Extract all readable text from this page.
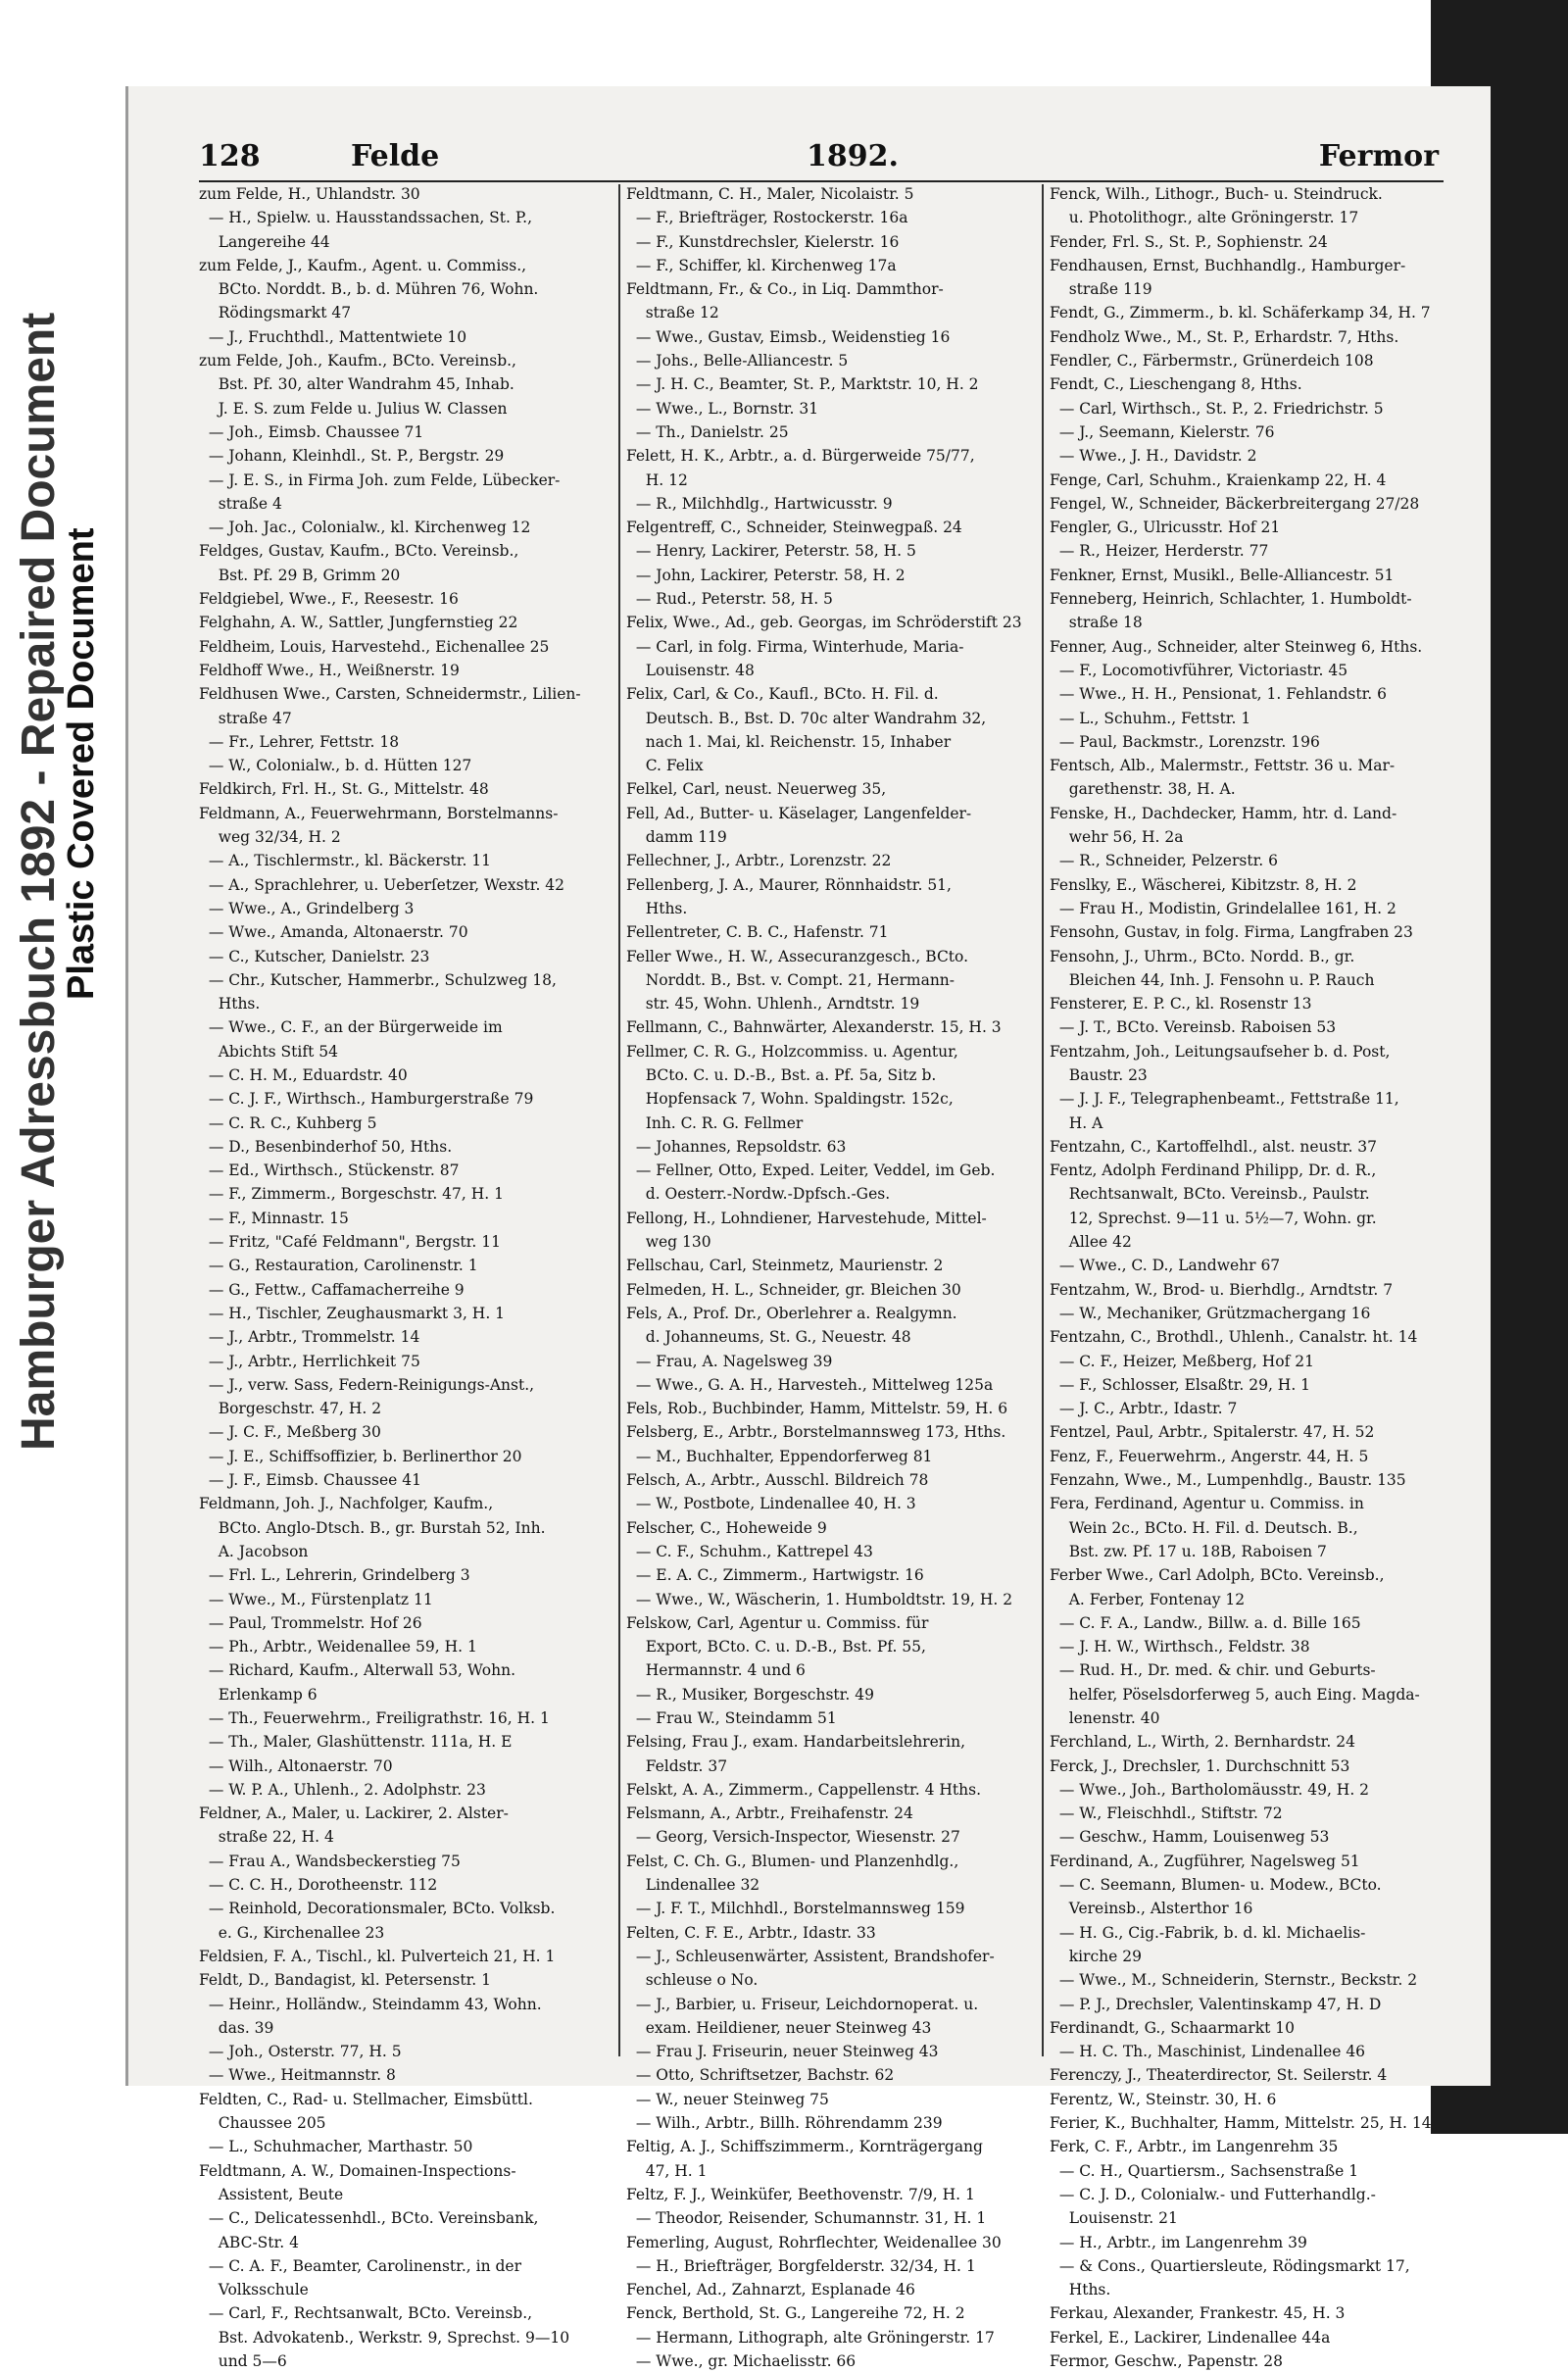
Hamburger Adressbuch 1892 - Repaired Document
Plastic Covered Document
128	Felde	1892.	Fermor
zum Felde, H., Uhlandstr. 30
— H., Spielw. u. Hausstandssachen, St. P.,
Langereihe 44
zum Felde, J., Kaufm., Agent. u. Commiss.,
BCto. Norddt. B., b. d. Mühren 76, Wohn.
Rödingsmarkt 47
— J., Fruchthdl., Mattentwiete 10
zum Felde, Joh., Kaufm., BCto. Vereinsb.,
Bst. Pf. 30, alter Wandrahm 45, Inhab.
J. E. S. zum Felde u. Julius W. Classen
— Joh., Eimsb. Chaussee 71
— Johann, Kleinhdl., St. P., Bergstr. 29
— J. E. S., in Firma Joh. zum Felde, Lübecker-
straße 4
— Joh. Jac., Colonialw., kl. Kirchenweg 12
Feldges, Gustav, Kaufm., BCto. Vereinsb.,
Bst. Pf. 29 B, Grimm 20
Feldgiebel, Wwe., F., Reesestr. 16
Felghahn, A. W., Sattler, Jungfernstieg 22
Feldheim, Louis, Harvestehd., Eichenallee 25
Feldhoff Wwe., H., Weißnerstr. 19
Feldhusen Wwe., Carsten, Schneidermstr., Lilien-
straße 47
— Fr., Lehrer, Fettstr. 18
— W., Colonialw., b. d. Hütten 127
Feldkirch, Frl. H., St. G., Mittelstr. 48
Feldmann, A., Feuerwehrmann, Borstelmanns-
weg 32/34, H. 2
— A., Tischlermstr., kl. Bäckerstr. 11
— A., Sprachlehrer, u. Ueberſetzer, Wexstr. 42
— Wwe., A., Grindelberg 3
— Wwe., Amanda, Altonaerstr. 70
— C., Kutscher, Danielstr. 23
— Chr., Kutscher, Hammerbr., Schulzweg 18,
Hths.
— Wwe., C. F., an der Bürgerweide im
Abichts Stift 54
— C. H. M., Eduardstr. 40
— C. J. F., Wirthsch., Hamburgerstraße 79
— C. R. C., Kuhberg 5
— D., Besenbinderhof 50, Hths.
— Ed., Wirthsch., Stückenstr. 87
— F., Zimmerm., Borgeschstr. 47, H. 1
— F., Minnastr. 15
— Fritz, "Café Feldmann", Bergstr. 11
— G., Restauration, Carolinenstr. 1
— G., Fettw., Caffamacherreihe 9
— H., Tischler, Zeughausmarkt 3, H. 1
— J., Arbtr., Trommelstr. 14
— J., Arbtr., Herrlichkeit 75
— J., verw. Sass, Federn-Reinigungs-Anst.,
Borgeschstr. 47, H. 2
— J. C. F., Meßberg 30
— J. E., Schiffsoffizier, b. Berlinerthor 20
— J. F., Eimsb. Chaussee 41
Feldmann, Joh. J., Nachfolger, Kaufm.,
BCto. Anglo-Dtsch. B., gr. Burstah 52, Inh.
A. Jacobson
— Frl. L., Lehrerin, Grindelberg 3
— Wwe., M., Fürstenplatz 11
— Paul, Trommelstr. Hof 26
— Ph., Arbtr., Weidenallee 59, H. 1
— Richard, Kaufm., Alterwall 53, Wohn.
Erlenkamp 6
— Th., Feuerwehrm., Freiligrathstr. 16, H. 1
— Th., Maler, Glashüttenstr. 111a, H. E
— Wilh., Altonaerstr. 70
— W. P. A., Uhlenh., 2. Adolphstr. 23
Feldner, A., Maler, u. Lackirer, 2. Alster-
straße 22, H. 4
— Frau A., Wandsbeckerstieg 75
— C. C. H., Dorotheenstr. 112
— Reinhold, Decorationsmaler, BCto. Volksb.
e. G., Kirchenallee 23
Feldsien, F. A., Tischl., kl. Pulverteich 21, H. 1
Feldt, D., Bandagist, kl. Petersenstr. 1
— Heinr., Holländw., Steindamm 43, Wohn.
das. 39
— Joh., Osterstr. 77, H. 5
— Wwe., Heitmannstr. 8
Feldten, C., Rad- u. Stellmacher, Eimsbüttl.
Chaussee 205
— L., Schuhmacher, Marthastr. 50
Feldtmann, A. W., Domainen-Inspections-
Assistent, Beute
— C., Delicatessenhdl., BCto. Vereinsbank,
ABC-Str. 4
— C. A. F., Beamter, Carolinenstr., in der
Volksschule
— Carl, F., Rechtsanwalt, BCto. Vereinsb.,
Bst. Advokatenb., Werkstr. 9, Sprechst. 9—10
und 5—6
Feldtmann, C. H., Maler, Nicolaistr. 5
— F., Briefträger, Rostockerstr. 16a
— F., Kunstdrechsler, Kielerstr. 16
— F., Schiffer, kl. Kirchenweg 17a
Feldtmann, Fr., & Co., in Liq. Dammthor-
straße 12
— Wwe., Gustav, Eimsb., Weidenstieg 16
— Johs., Belle-Alliancestr. 5
— J. H. C., Beamter, St. P., Marktstr. 10, H. 2
— Wwe., L., Bornstr. 31
— Th., Danielstr. 25
Felett, H. K., Arbtr., a. d. Bürgerweide 75/77,
H. 12
— R., Milchhdlg., Hartwicusstr. 9
Felgentreff, C., Schneider, Steinwegpaß. 24
— Henry, Lackirer, Peterstr. 58, H. 5
— John, Lackirer, Peterstr. 58, H. 2
— Rud., Peterstr. 58, H. 5
Felix, Wwe., Ad., geb. Georgas, im Schröderstift 23
— Carl, in folg. Firma, Winterhude, Maria-
Louisenstr. 48
Felix, Carl, & Co., Kaufl., BCto. H. Fil. d.
Deutsch. B., Bst. D. 70c alter Wandrahm 32,
nach 1. Mai, kl. Reichenstr. 15, Inhaber
C. Felix
Felkel, Carl, neust. Neuerweg 35,
Fell, Ad., Butter- u. Käselager, Langenfelder-
damm 119
Fellechner, J., Arbtr., Lorenzstr. 22
Fellenberg, J. A., Maurer, Rönnhaidstr. 51,
Hths.
Fellentreter, C. B. C., Hafenstr. 71
Feller Wwe., H. W., Assecuranzgesch., BCto.
Norddt. B., Bst. v. Compt. 21, Hermann-
str. 45, Wohn. Uhlenh., Arndtstr. 19
Fellmann, C., Bahnwärter, Alexanderstr. 15, H. 3
Fellmer, C. R. G., Holzcommiss. u. Agentur,
BCto. C. u. D.-B., Bst. a. Pf. 5a, Sitz b.
Hopfensack 7, Wohn. Spaldingstr. 152c,
Inh. C. R. G. Fellmer
— Johannes, Repsoldstr. 63
— Fellner, Otto, Exped. Leiter, Veddel, im Geb.
d. Oesterr.-Nordw.-Dpfsch.-Ges.
Fellong, H., Lohndiener, Harvestehude, Mittel-
weg 130
Fellschau, Carl, Steinmetz, Maurienstr. 2
Felmeden, H. L., Schneider, gr. Bleichen 30
Fels, A., Prof. Dr., Oberlehrer a. Realgymn.
d. Johanneums, St. G., Neuestr. 48
— Frau, A. Nagelsweg 39
— Wwe., G. A. H., Harvesteh., Mittelweg 125a
Fels, Rob., Buchbinder, Hamm, Mittelstr. 59, H. 6
Felsberg, E., Arbtr., Borstelmannsweg 173, Hths.
— M., Buchhalter, Eppendorferweg 81
Felsch, A., Arbtr., Ausschl. Bildreich 78
— W., Postbote, Lindenallee 40, H. 3
Felscher, C., Hoheweide 9
— C. F., Schuhm., Kattrepel 43
— E. A. C., Zimmerm., Hartwigstr. 16
— Wwe., W., Wäscherin, 1. Humboldtstr. 19, H. 2
Felskow, Carl, Agentur u. Commiss. für
Export, BCto. C. u. D.-B., Bst. Pf. 55,
Hermannstr. 4 und 6
— R., Musiker, Borgeschstr. 49
— Frau W., Steindamm 51
Felsing, Frau J., exam. Handarbeitslehrerin,
Feldstr. 37
Felskt, A. A., Zimmerm., Cappellenstr. 4 Hths.
Felsmann, A., Arbtr., Freihafenstr. 24
— Georg, Versich-Inspector, Wiesenstr. 27
Felst, C. Ch. G., Blumen- und Planzenhdlg.,
Lindenallee 32
— J. F. T., Milchhdl., Borstelmannsweg 159
Felten, C. F. E., Arbtr., Idastr. 33
— J., Schleusenwärter, Assistent, Brandshofer-
schleuse o No.
— J., Barbier, u. Friseur, Leichdornoperat. u.
exam. Heildiener, neuer Steinweg 43
— Frau J. Friseurin, neuer Steinweg 43
— Otto, Schriftsetzer, Bachstr. 62
— W., neuer Steinweg 75
— Wilh., Arbtr., Billh. Röhrendamm 239
Feltig, A. J., Schiffszimmerm., Kornträgergang
47, H. 1
Feltz, F. J., Weinküfer, Beethovenstr. 7/9, H. 1
— Theodor, Reisender, Schumannstr. 31, H. 1
Femerling, August, Rohrflechter, Weidenallee 30
— H., Briefträger, Borgfelderstr. 32/34, H. 1
Fenchel, Ad., Zahnarzt, Esplanade 46
Fenck, Berthold, St. G., Langereihe 72, H. 2
— Hermann, Lithograph, alte Gröningerstr. 17
— Wwe., gr. Michaelisstr. 66
Fenck, Wilh., Lithogr., Buch- u. Steindruck.
u. Photolithogr., alte Gröningerstr. 17
Fender, Frl. S., St. P., Sophienstr. 24
Fendhausen, Ernst, Buchhandlg., Hamburger-
straße 119
Fendt, G., Zimmerm., b. kl. Schäferkamp 34, H. 7
Fendholz Wwe., M., St. P., Erhardstr. 7, Hths.
Fendler, C., Färbermstr., Grünerdeich 108
Fendt, C., Lieschengang 8, Hths.
— Carl, Wirthsch., St. P., 2. Friedrichstr. 5
— J., Seemann, Kielerstr. 76
— Wwe., J. H., Davidstr. 2
Fenge, Carl, Schuhm., Kraienkamp 22, H. 4
Fengel, W., Schneider, Bäckerbreitergang 27/28
Fengler, G., Ulricusstr. Hof 21
— R., Heizer, Herderstr. 77
Fenkner, Ernst, Musikl., Belle-Alliancestr. 51
Fenneberg, Heinrich, Schlachter, 1. Humboldt-
straße 18
Fenner, Aug., Schneider, alter Steinweg 6, Hths.
— F., Locomotivführer, Victoriastr. 45
— Wwe., H. H., Pensionat, 1. Fehlandstr. 6
— L., Schuhm., Fettstr. 1
— Paul, Backmstr., Lorenzstr. 196
Fentsch, Alb., Malermstr., Fettstr. 36 u. Mar-
garethenstr. 38, H. A.
Fenske, H., Dachdecker, Hamm, htr. d. Land-
wehr 56, H. 2a
— R., Schneider, Pelzerstr. 6
Fenslky, E., Wäscherei, Kibitzstr. 8, H. 2
— Frau H., Modistin, Grindelallee 161, H. 2
Fensohn, Gustav, in folg. Firma, Langfraben 23
Fensohn, J., Uhrm., BCto. Nordd. B., gr.
Bleichen 44, Inh. J. Fensohn u. P. Rauch
Fensterer, E. P. C., kl. Rosenstr 13
— J. T., BCto. Vereinsb. Raboisen 53
Fentzahm, Joh., Leitungsaufseher b. d. Post,
Baustr. 23
— J. J. F., Telegraphenbeamt., Fettstraße 11,
H. A
Fentzahn, C., Kartoffelhdl., alst. neustr. 37
Fentz, Adolph Ferdinand Philipp, Dr. d. R.,
Rechtsanwalt, BCto. Vereinsb., Paulstr.
12, Sprechst. 9—11 u. 5½—7, Wohn. gr.
Allee 42
— Wwe., C. D., Landwehr 67
Fentzahm, W., Brod- u. Bierhdlg., Arndtstr. 7
— W., Mechaniker, Grützmachergang 16
Fentzahn, C., Brothdl., Uhlenh., Canalstr. ht. 14
— C. F., Heizer, Meßberg, Hof 21
— F., Schlosser, Elsaßtr. 29, H. 1
— J. C., Arbtr., Idastr. 7
Fentzel, Paul, Arbtr., Spitalerstr. 47, H. 52
Fenz, F., Feuerwehrm., Angerstr. 44, H. 5
Fenzahn, Wwe., M., Lumpenhdlg., Baustr. 135
Fera, Ferdinand, Agentur u. Commiss. in
Wein 2c., BCto. H. Fil. d. Deutsch. B.,
Bst. zw. Pf. 17 u. 18B, Raboisen 7
Ferber Wwe., Carl Adolph, BCto. Vereinsb.,
A. Ferber, Fontenay 12
— C. F. A., Landw., Billw. a. d. Bille 165
— J. H. W., Wirthsch., Feldstr. 38
— Rud. H., Dr. med. & chir. und Geburts-
helfer, Pöselsdorferweg 5, auch Eing. Magda-
lenenstr. 40
Ferchland, L., Wirth, 2. Bernhardstr. 24
Ferck, J., Drechsler, 1. Durchschnitt 53
— Wwe., Joh., Bartholomäusstr. 49, H. 2
— W., Fleischhdl., Stiftstr. 72
— Geschw., Hamm, Louisenweg 53
Ferdinand, A., Zugführer, Nagelsweg 51
— C. Seemann, Blumen- u. Modew., BCto.
Vereinsb., Alsterthor 16
— H. G., Cig.-Fabrik, b. d. kl. Michaelis-
kirche 29
— Wwe., M., Schneiderin, Sternstr., Beckstr. 2
— P. J., Drechsler, Valentinskamp 47, H. D
Ferdinandt, G., Schaarmarkt 10
— H. C. Th., Maschinist, Lindenallee 46
Ferenczy, J., Theaterdirector, St. Seilerstr. 4
Ferentz, W., Steinstr. 30, H. 6
Ferier, K., Buchhalter, Hamm, Mittelstr. 25, H. 14
Ferk, C. F., Arbtr., im Langenrehm 35
— C. H., Quartiersm., Sachsenstraße 1
— C. J. D., Colonialw.- und Futterhandlg.-
Louisenstr. 21
— H., Arbtr., im Langenrehm 39
— & Cons., Quartiersleute, Rödingsmarkt 17,
Hths.
Ferkau, Alexander, Frankestr. 45, H. 3
Ferkel, E., Lackirer, Lindenallee 44a
Fermor, Geschw., Papenstr. 28
